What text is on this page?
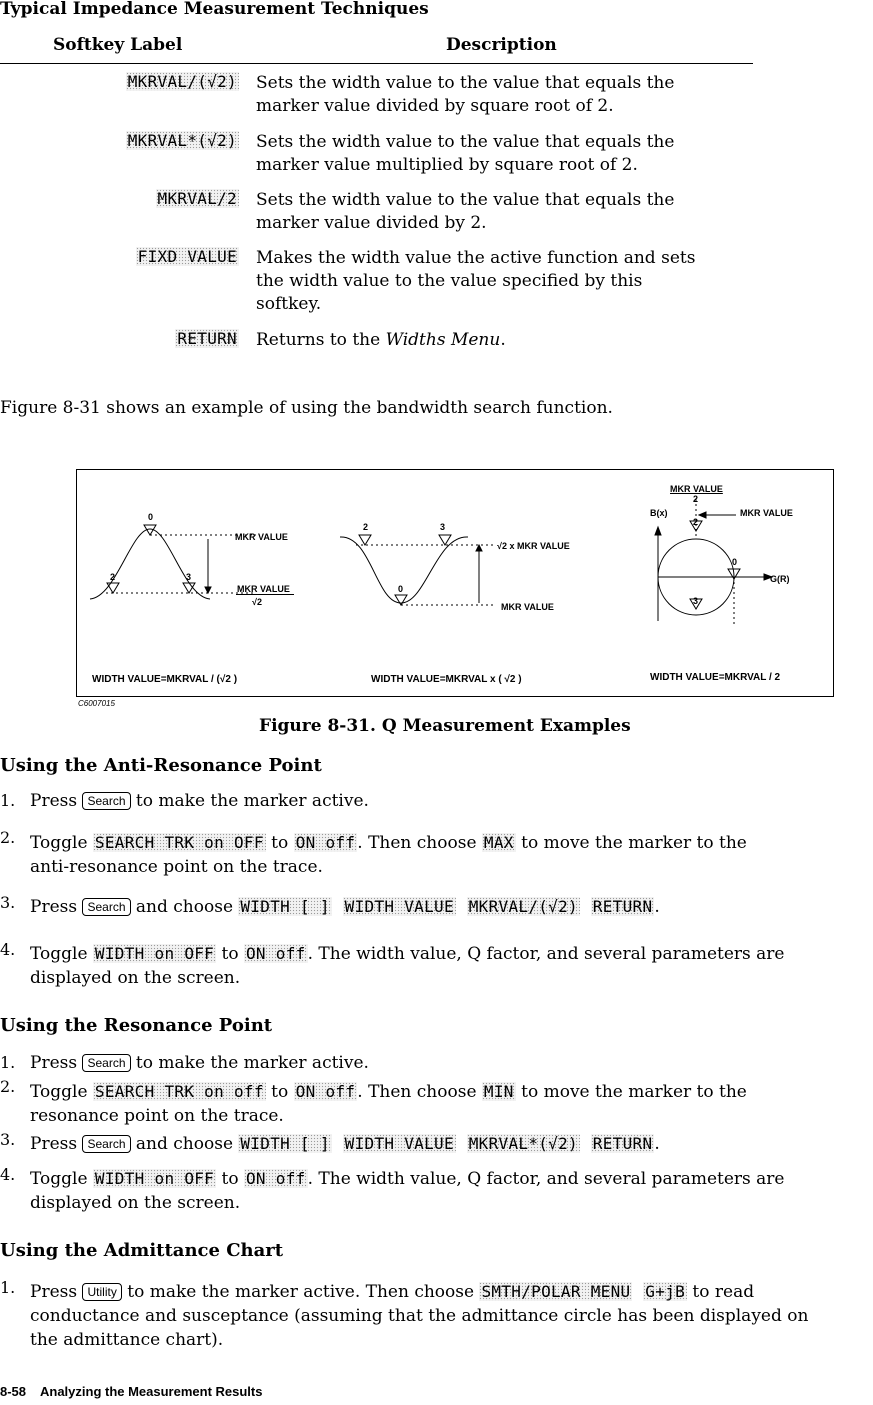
Typical Impedance Measurement Techniques
Softkey Label	Description
MKRVAL/(√2) Sets the width value to the value that equals the
marker value divided by square root of 2.
MKRVAL*(√2) Sets the width value to the value that equals the
marker value multiplied by square root of 2.
MKRVAL/2 Sets the width value to the value that equals the
marker value divided by 2.
FIXD VALUE Makes the width value the active function and sets
the width value to the value specified by this
softkey.
RETURN Returns to the Widths Menu.
Figure 8-31 shows an example of using the bandwidth search function.
0
2	3
MKR VALUE
MKR VALUE
√2
WIDTH VALUE=MKRVAL / (√2 )
2	3
0
√2 x MKR VALUE
MKR VALUE
WIDTH VALUE=MKRVAL x ( √2 )
MKR VALUE
2
B(x)	MKR VALUE
2
0
3
G(R)
WIDTH VALUE=MKRVAL / 2
C6007015
Figure 8-31. Q Measurement Examples
Using the Anti-Resonance Point
1. Press Search to make the marker active.
2. Toggle SEARCH TRK on OFF to ON off . Then choose MAX to move the marker to the
anti-resonance point on the trace.
3. Press Search and choose WIDTH [ ] WIDTH VALUE MKRVAL/(√2) RETURN .
4. Toggle WIDTH on OFF to ON off . The width value, Q factor, and several parameters are
displayed on the screen.
Using the Resonance Point
1. Press Search to make the marker active.
2. Toggle SEARCH TRK on off to ON off . Then choose MIN to move the marker to the
resonance point on the trace.
3. Press Search and choose WIDTH [ ] WIDTH VALUE MKRVAL*(√2) RETURN .
4. Toggle WIDTH on OFF to ON off . The width value, Q factor, and several parameters are
displayed on the screen.
Using the Admittance Chart
1. Press Utility to make the marker active. Then choose SMTH/POLAR MENU G+jB to read
conductance and susceptance (assuming that the admittance circle has been displayed on
the admittance chart).
8-58    Analyzing the Measurement Results
